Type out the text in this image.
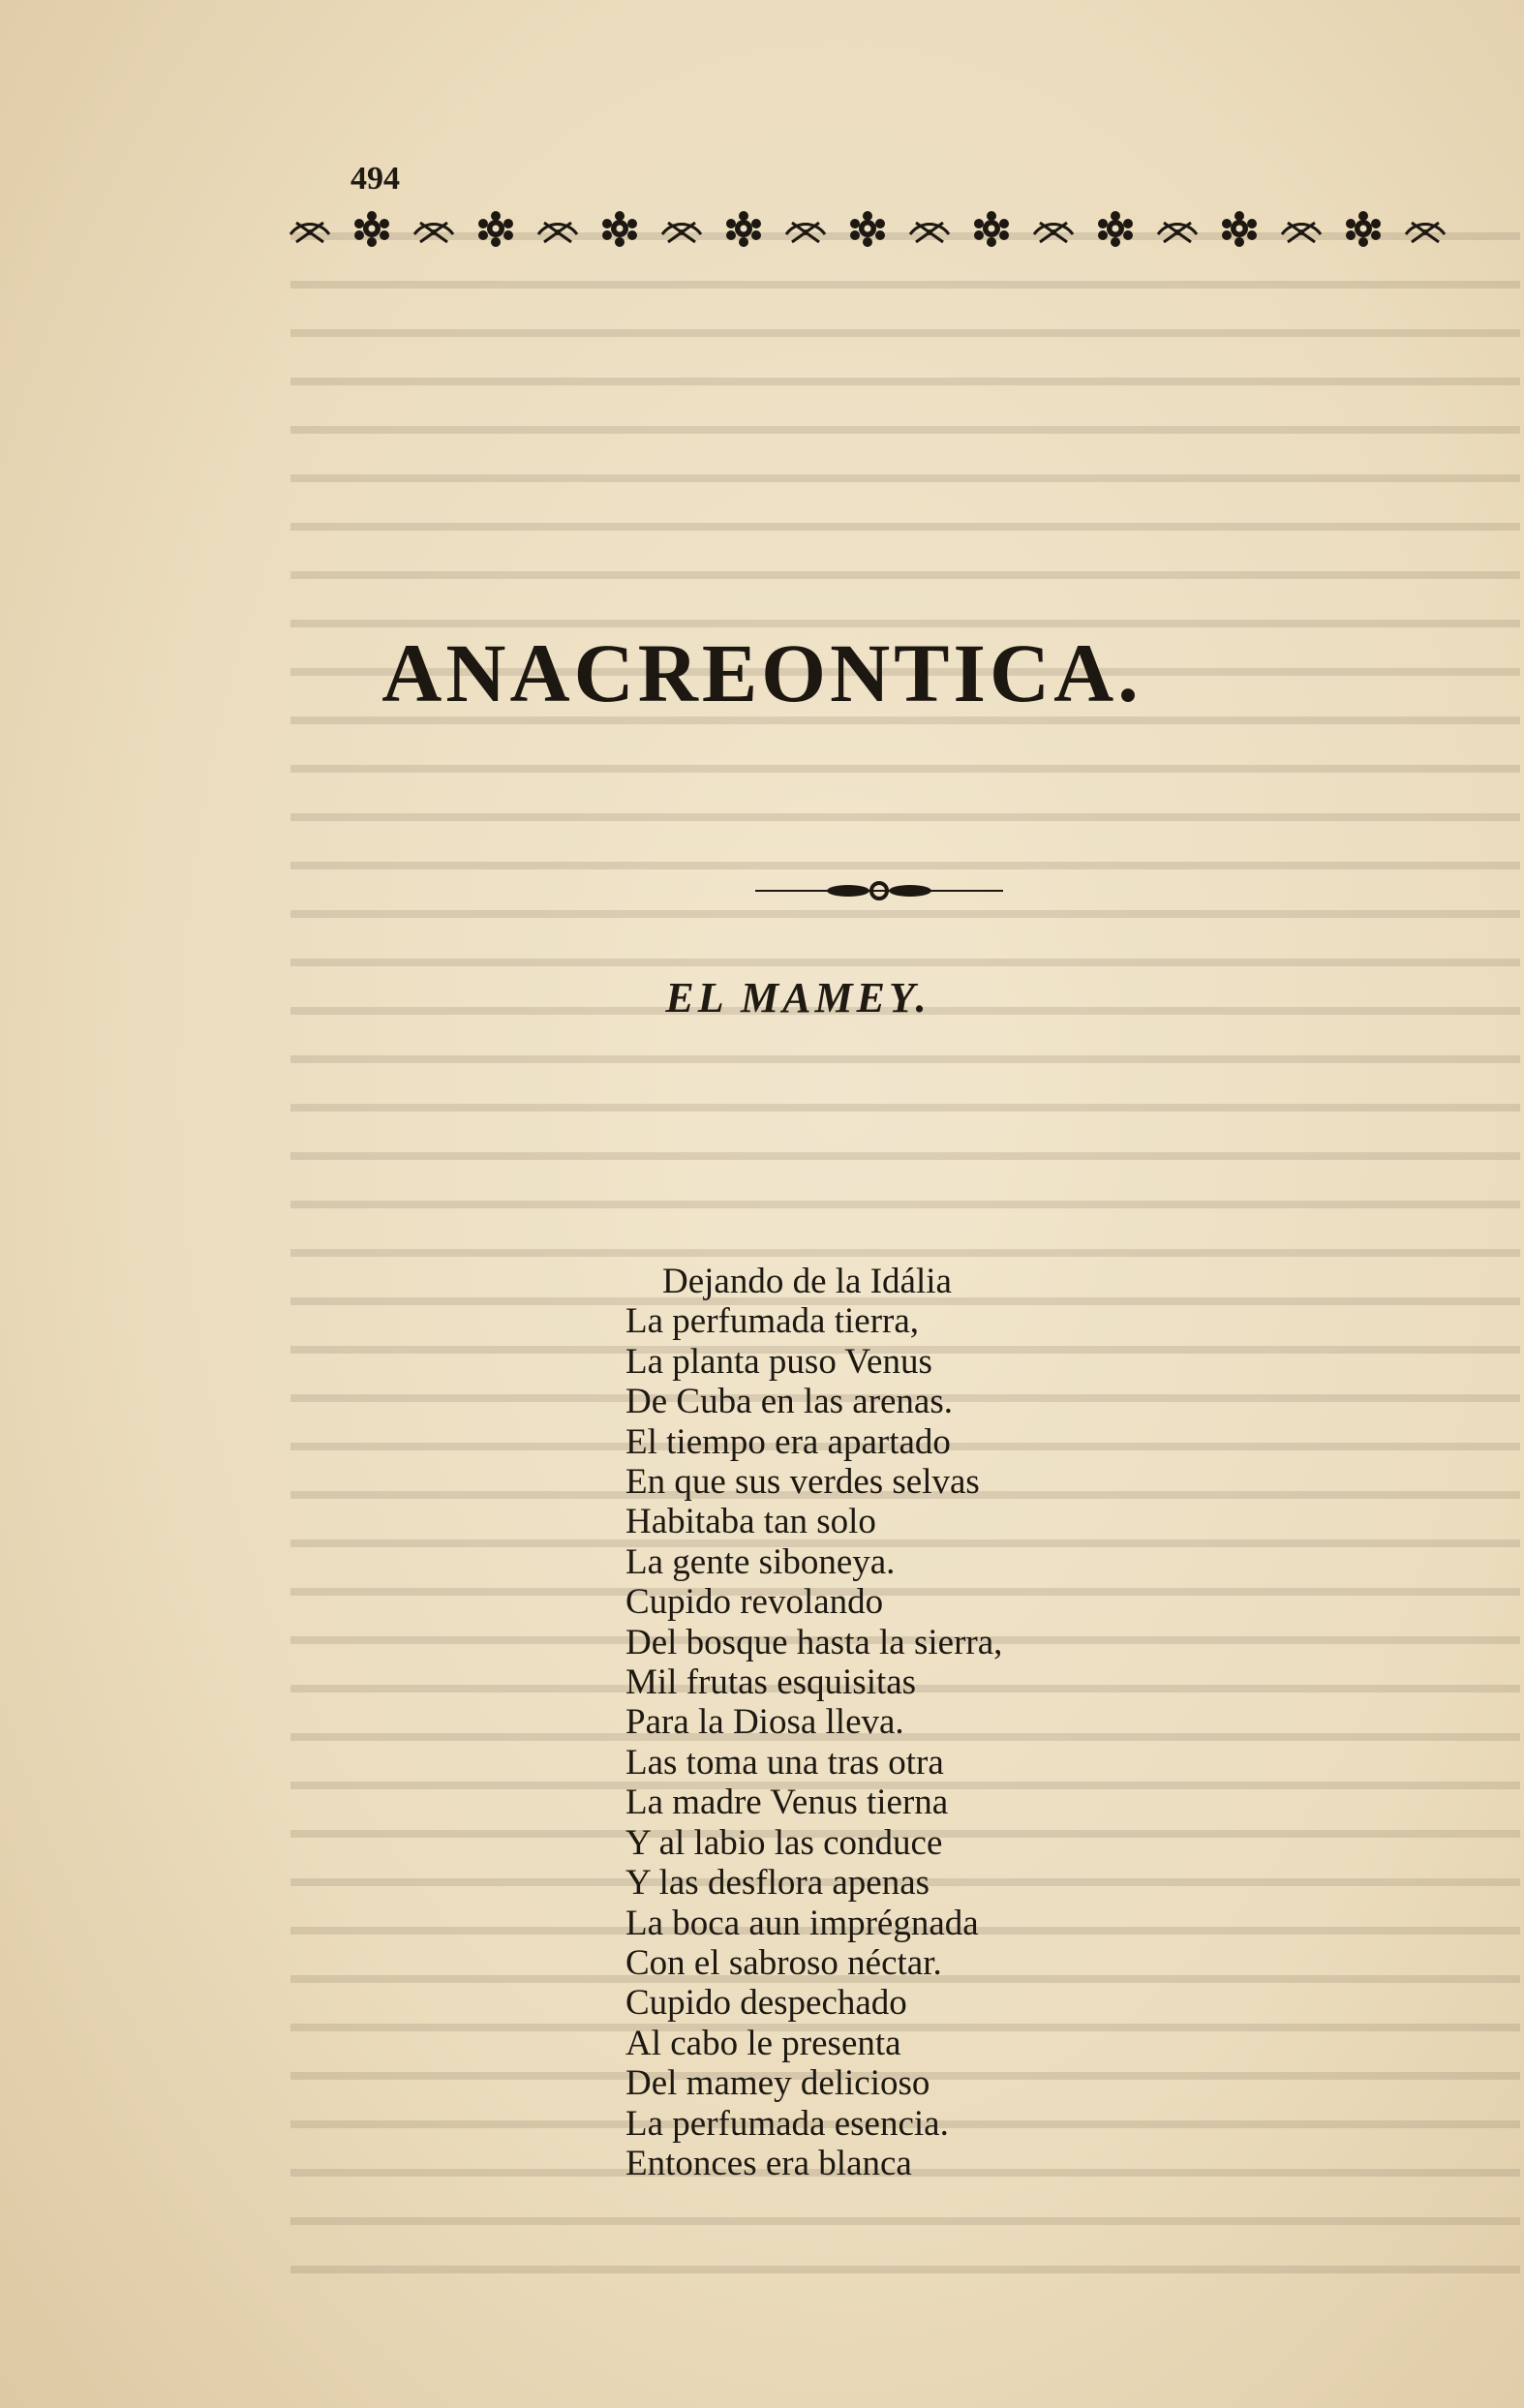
494
ANACREONTICA.
EL MAMEY.
Dejando de la Idália
La perfumada tierra,
La planta puso Venus
De Cuba en las arenas.
El tiempo era apartado
En que sus verdes selvas
Habitaba tan solo
La gente siboneya.
Cupido revolando
Del bosque hasta la sierra,
Mil frutas esquisitas
Para la Diosa lleva.
Las toma una tras otra
La madre Venus tierna
Y al labio las conduce
Y las desflora apenas
La boca aun imprégnada
Con el sabroso néctar.
Cupido despechado
Al cabo le presenta
Del mamey delicioso
La perfumada esencia.
Entonces era blanca
